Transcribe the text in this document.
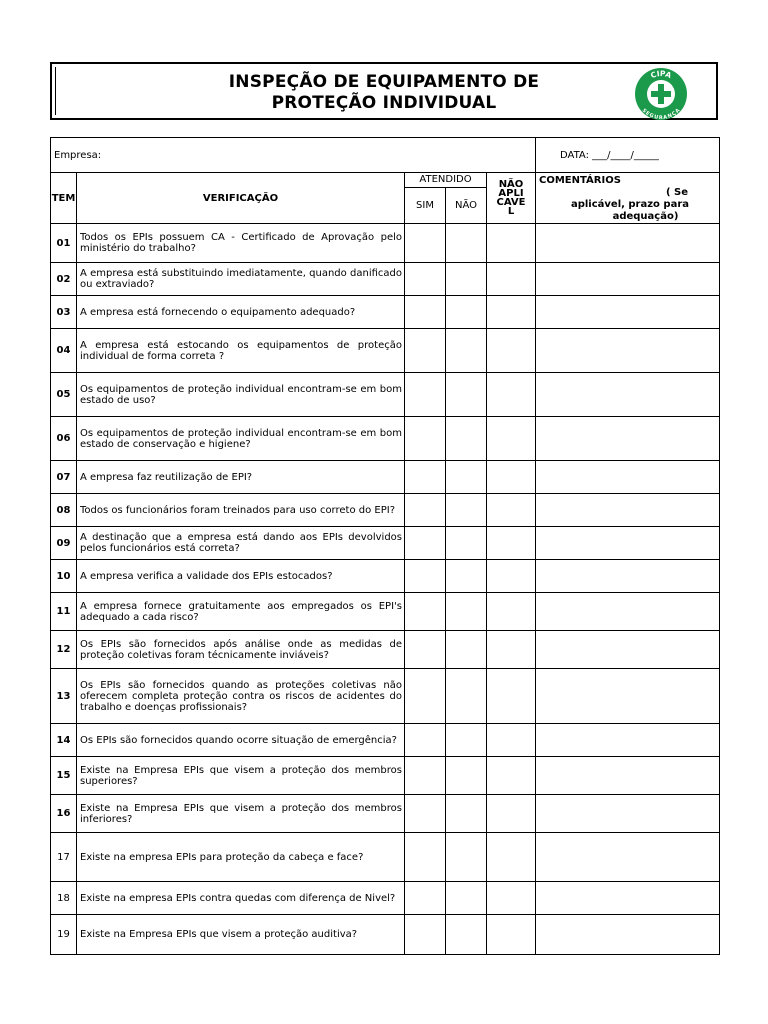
INSPEÇÃO DE EQUIPAMENTO DE
PROTEÇÃO INDIVIDUAL
CIPA
SEGURANÇA
Empresa:					DATA: ___/____/_____
TEM	VERIFICAÇÃO	ATENDIDO		NÃO APLICAVE L	COMENTÁRIOS
( Se
aplicável, prazo para
adequação)

		SIM	NÃO		
01	Todos os EPIs possuem CA - Certificado de Aprovação pelo ministério do trabalho?				
02	A empresa está substituindo imediatamente, quando danificado ou extraviado?				
03	A empresa está fornecendo o equipamento adequado?				
04	A empresa está estocando os equipamentos de proteção individual de forma correta ?				
05	Os equipamentos de proteção individual encontram-se em bom estado de uso?				
06	Os equipamentos de proteção individual encontram-se em bom estado de conservação e higiene?				
07	A empresa faz reutilização de EPI?				
08	Todos os funcionários foram treinados para uso correto do EPI?				
09	A destinação que a empresa está dando aos EPIs devolvidos pelos funcionários está correta?				
10	A empresa verifica a validade dos EPIs estocados?				
11	A empresa fornece gratuitamente aos empregados os EPI's adequado a cada risco?				
12	Os EPIs são fornecidos após análise onde as medidas de proteção coletivas foram técnicamente inviáveis?				
13	Os EPIs são fornecidos quando as proteções coletivas não oferecem completa proteção contra os riscos de acidentes do trabalho e doenças profissionais?				
14	Os EPIs são fornecidos quando ocorre situação de emergência?				
15	Existe na Empresa EPIs que visem a proteção dos membros superiores?				
16	Existe na Empresa EPIs que visem a proteção dos membros inferiores?				
17	Existe na empresa EPIs para proteção da cabeça e face?				
18	Existe na empresa EPIs contra quedas com diferença de Nivel?				
19	Existe na Empresa EPIs que visem a proteção auditiva?				
